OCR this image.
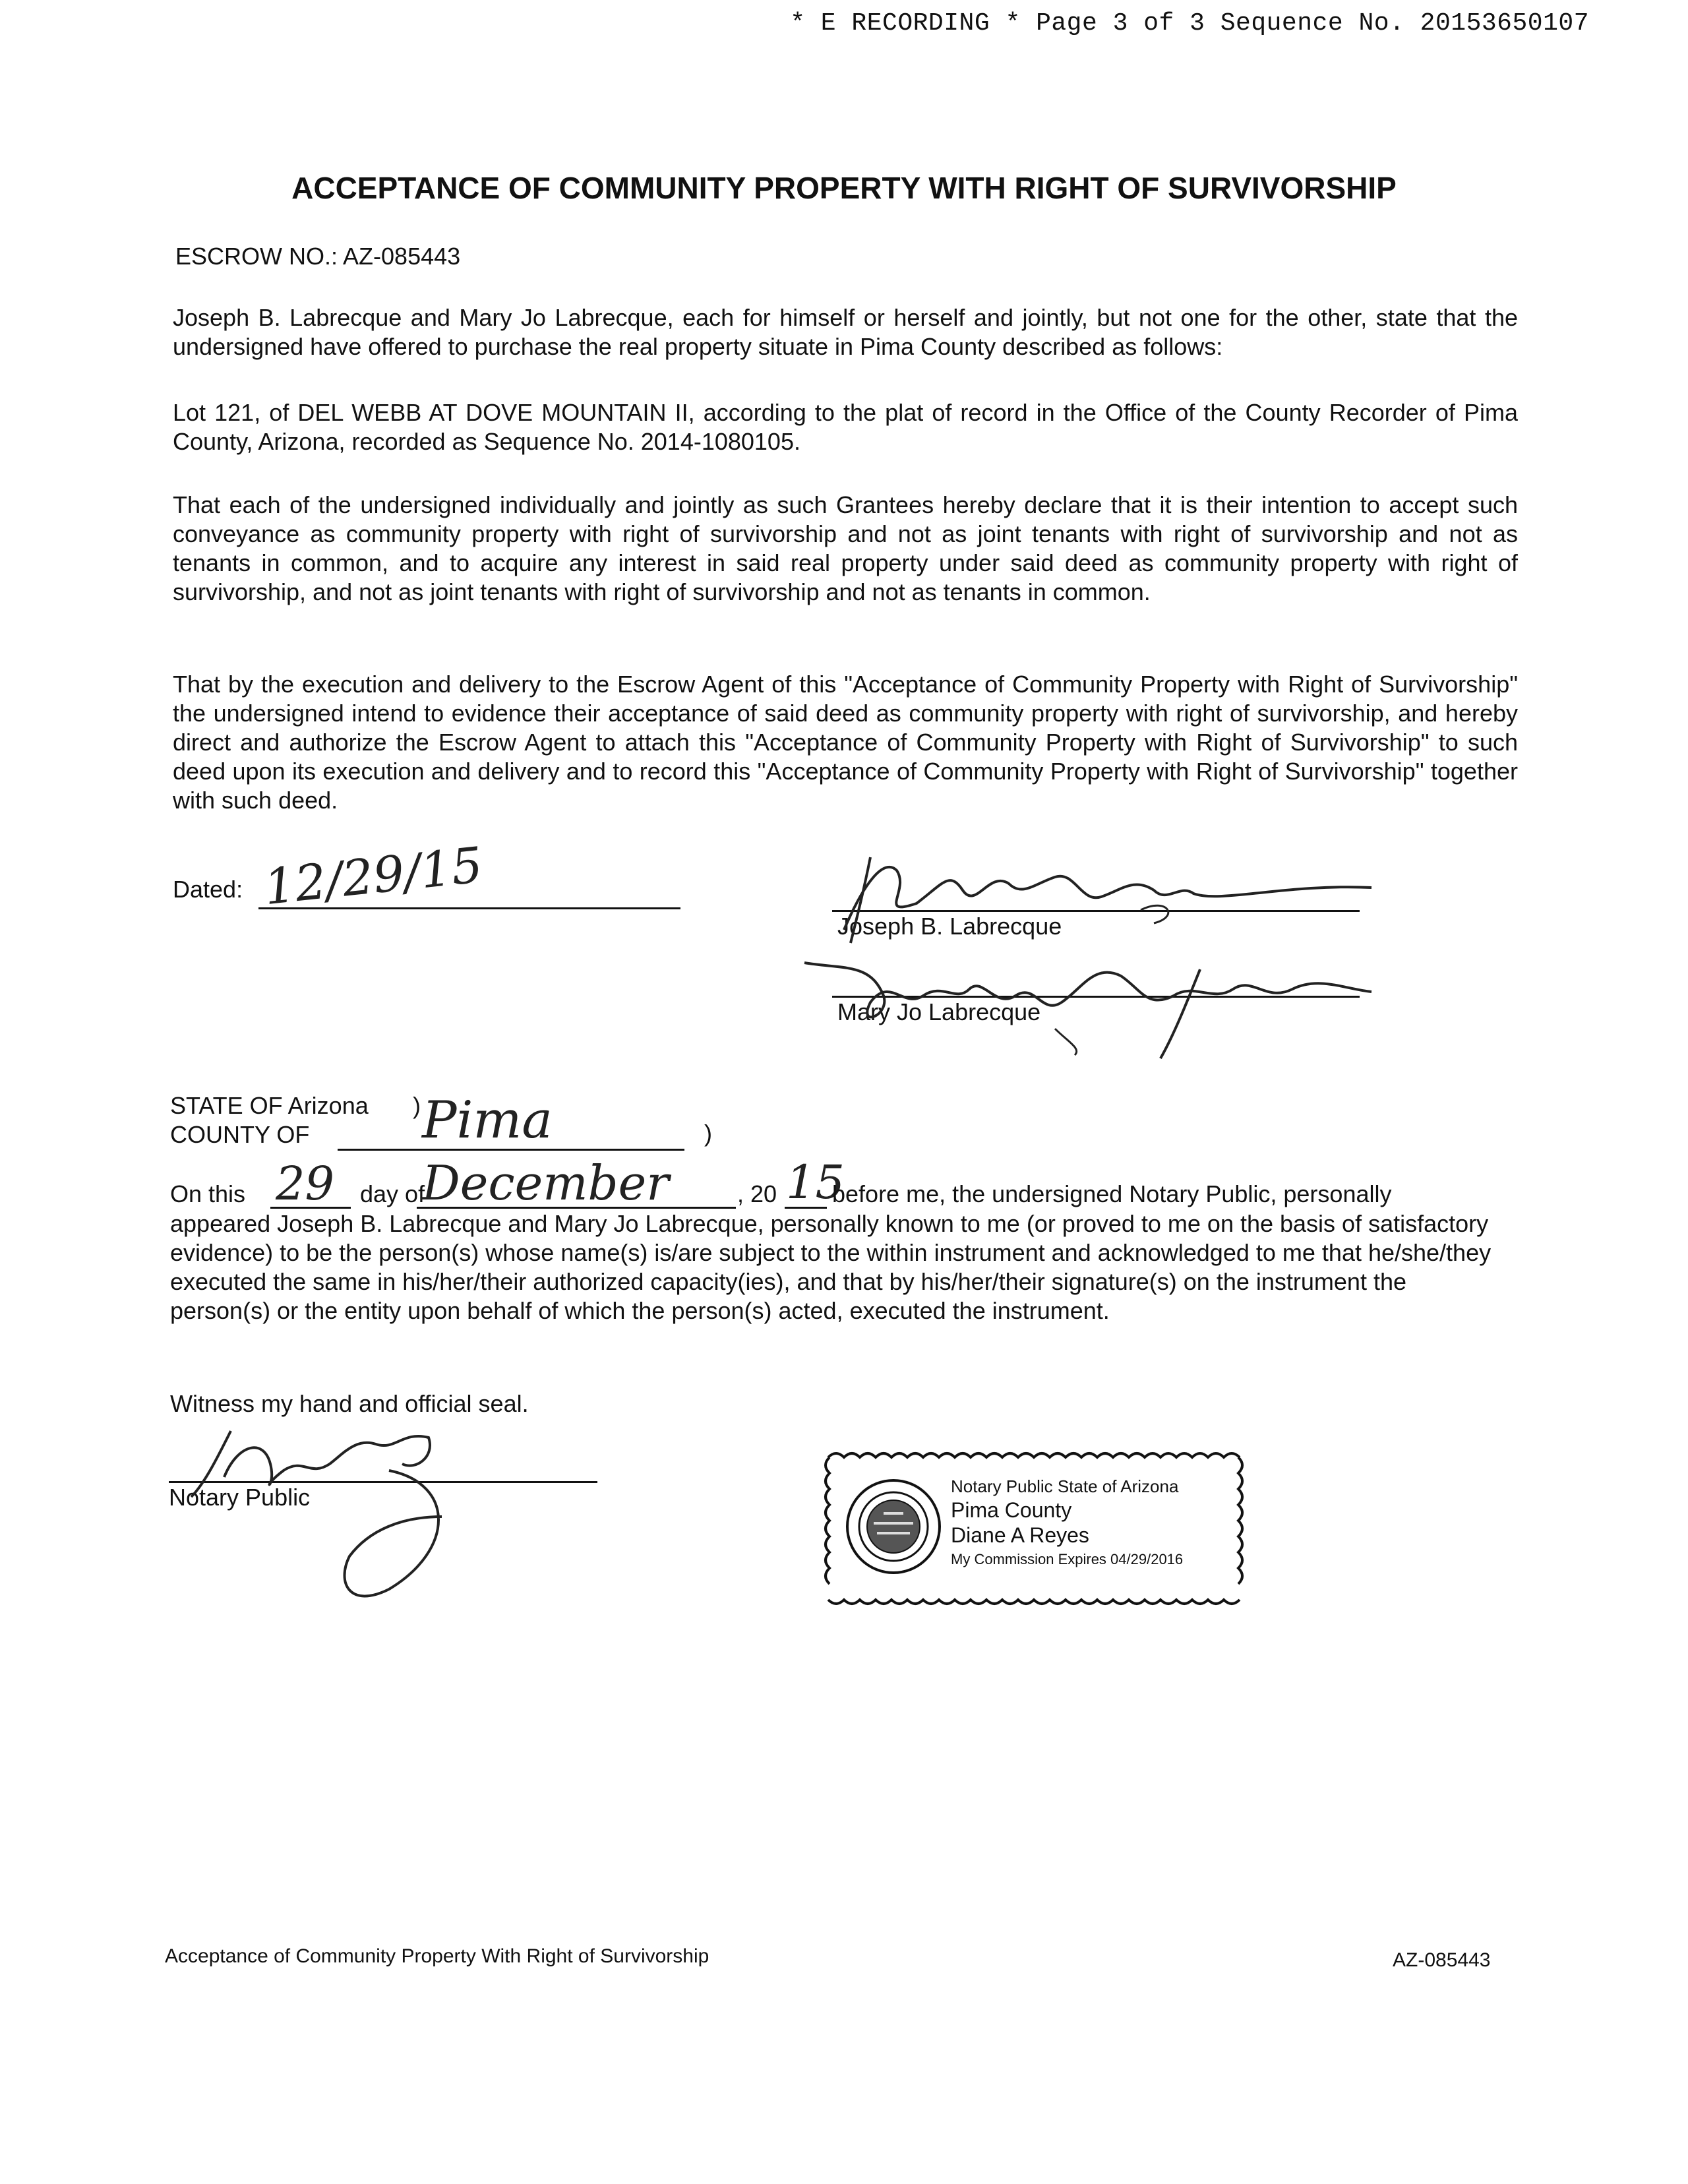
* E RECORDING * Page 3 of 3 Sequence No. 20153650107
ACCEPTANCE OF COMMUNITY PROPERTY WITH RIGHT OF SURVIVORSHIP
ESCROW NO.: AZ-085443

Joseph B. Labrecque and Mary Jo Labrecque, each for himself or herself and jointly, but not one for the other, state that the undersigned have offered to purchase the real property situate in Pima County described as follows:

Lot 121, of DEL WEBB AT DOVE MOUNTAIN II, according to the plat of record in the Office of the County Recorder of Pima County, Arizona, recorded as Sequence No. 2014-1080105.

That each of the undersigned individually and jointly as such Grantees hereby declare that it is their intention to accept such conveyance as community property with right of survivorship and not as joint tenants with right of survivorship and not as tenants in common, and to acquire any interest in said real property under said deed as community property with right of survivorship, and not as joint tenants with right of survivorship and not as tenants in common.

That by the execution and delivery to the Escrow Agent of this "Acceptance of Community Property with Right of Survivorship" the undersigned intend to evidence their acceptance of said deed as community property with right of survivorship, and hereby direct and authorize the Escrow Agent to attach this "Acceptance of Community Property with Right of Survivorship" to such deed upon its execution and delivery and to record this "Acceptance of Community Property with Right of Survivorship" together with such deed.

Dated: 12/29/15
Joseph B. Labrecque
Mary Jo Labrecque
STATE OF Arizona )
COUNTY OF	)
Pima
On this 29 day of
December	, 20 15
before me, the undersigned Notary Public, personally

appeared Joseph B. Labrecque and Mary Jo Labrecque, personally known to me (or proved to me on the basis of satisfactory evidence) to be the person(s) whose name(s) is/are subject to the within instrument and acknowledged to me that he/she/they executed the same in his/her/their authorized capacity(ies), and that by his/her/their signature(s) on the instrument the person(s) or the entity upon behalf of which the person(s) acted, executed the instrument.

Witness my hand and official seal.
Notary Public	Notary Public State of Arizona
Pima County
Diane A Reyes
My Commission Expires 04/29/2016
Acceptance of Community Property With Right of Survivorship	AZ-085443
